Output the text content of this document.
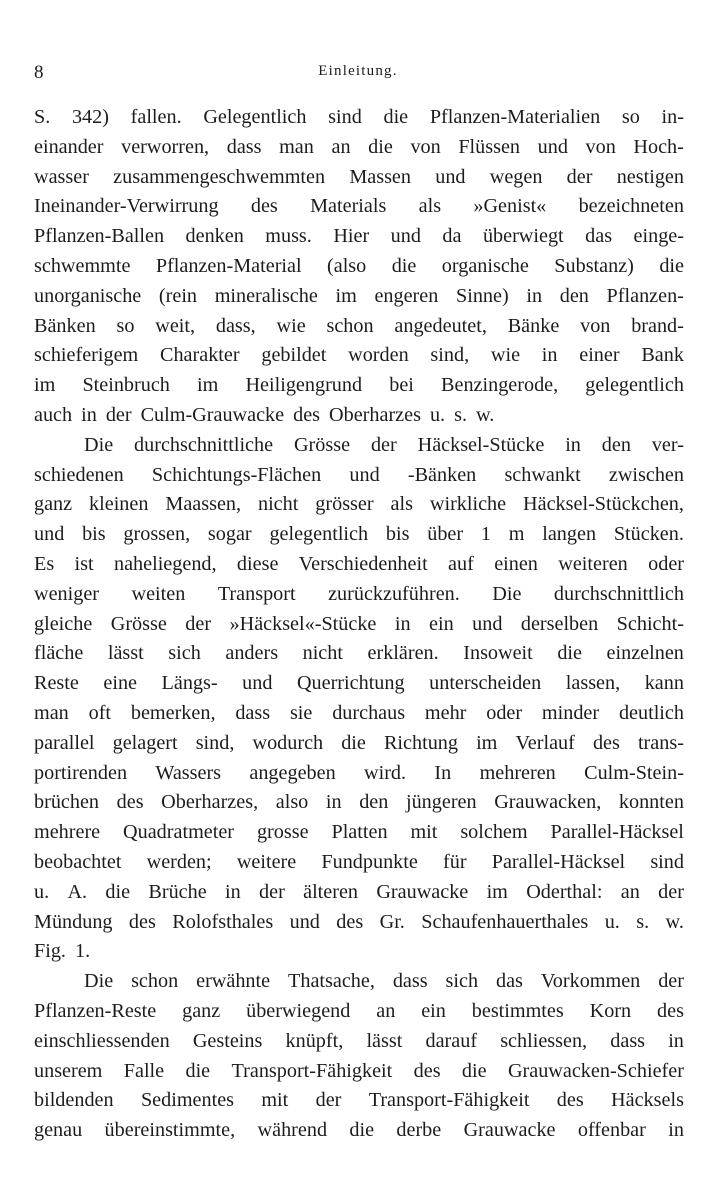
8	Einleitung.
S. 342) fallen. Gelegentlich sind die Pflanzen-Materialien so in-
einander verworren, dass man an die von Flüssen und von Hoch-
wasser zusammengeschwemmten Massen und wegen der nestigen
Ineinander-Verwirrung des Materials als »Genist« bezeichneten
Pflanzen-Ballen denken muss. Hier und da überwiegt das einge-
schwemmte Pflanzen-Material (also die organische Substanz) die
unorganische (rein mineralische im engeren Sinne) in den Pflanzen-
Bänken so weit, dass, wie schon angedeutet, Bänke von brand-
schieferigem Charakter gebildet worden sind, wie in einer Bank
im Steinbruch im Heiligengrund bei Benzingerode, gelegentlich
auch in der Culm-Grauwacke des Oberharzes u. s. w.
Die durchschnittliche Grösse der Häcksel-Stücke in den ver-
schiedenen Schichtungs-Flächen und -Bänken schwankt zwischen
ganz kleinen Maassen, nicht grösser als wirkliche Häcksel-Stückchen,
und bis grossen, sogar gelegentlich bis über 1 m langen Stücken.
Es ist naheliegend, diese Verschiedenheit auf einen weiteren oder
weniger weiten Transport zurückzuführen. Die durchschnittlich
gleiche Grösse der »Häcksel«-Stücke in ein und derselben Schicht-
fläche lässt sich anders nicht erklären. Insoweit die einzelnen
Reste eine Längs- und Querrichtung unterscheiden lassen, kann
man oft bemerken, dass sie durchaus mehr oder minder deutlich
parallel gelagert sind, wodurch die Richtung im Verlauf des trans-
portirenden Wassers angegeben wird. In mehreren Culm-Stein-
brüchen des Oberharzes, also in den jüngeren Grauwacken, konnten
mehrere Quadratmeter grosse Platten mit solchem Parallel-Häcksel
beobachtet werden; weitere Fundpunkte für Parallel-Häcksel sind
u. A. die Brüche in der älteren Grauwacke im Oderthal: an der
Mündung des Rolofsthales und des Gr. Schaufenhauerthales u. s. w.
Fig. 1.
Die schon erwähnte Thatsache, dass sich das Vorkommen der
Pflanzen-Reste ganz überwiegend an ein bestimmtes Korn des
einschliessenden Gesteins knüpft, lässt darauf schliessen, dass in
unserem Falle die Transport-Fähigkeit des die Grauwacken-Schiefer
bildenden Sedimentes mit der Transport-Fähigkeit des Häcksels
genau übereinstimmte, während die derbe Grauwacke offenbar in
